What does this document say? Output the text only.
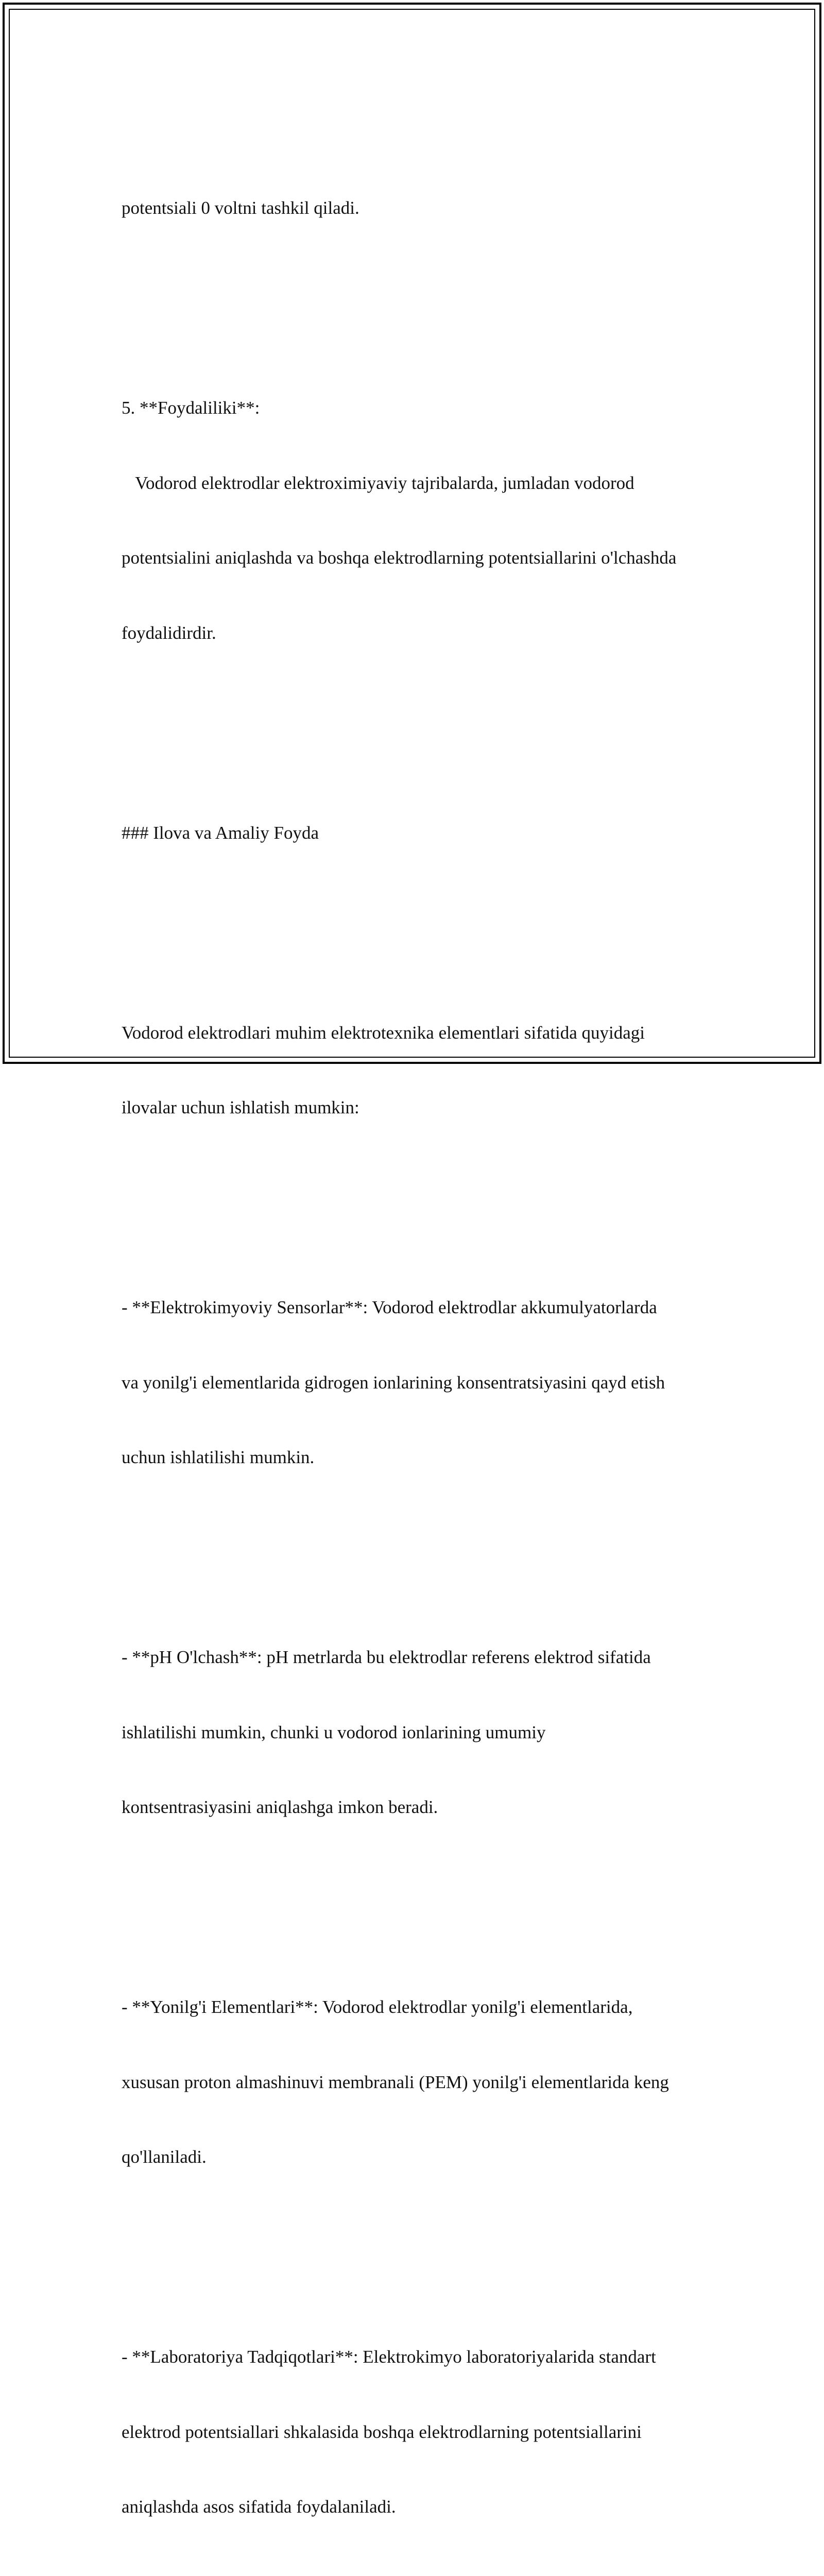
potentsiali 0 voltni tashkil qiladi.

5. **Foydaliliki**:

Vodorod elektrodlar elektroximiyaviy tajribalarda, jumladan vodorod

potentsialini aniqlashda va boshqa elektrodlarning potentsiallarini o'lchashda

foydalidirdir.

### Ilova va Amaliy Foyda

Vodorod elektrodlari muhim elektrotexnika elementlari sifatida quyidagi

ilovalar uchun ishlatish mumkin:

- **Elektrokimyoviy Sensorlar**: Vodorod elektrodlar akkumulyatorlarda

va yonilg'i elementlarida gidrogen ionlarining konsentratsiyasini qayd etish

uchun ishlatilishi mumkin.

- **pH O'lchash**: pH metrlarda bu elektrodlar referens elektrod sifatida

ishlatilishi mumkin, chunki u vodorod ionlarining umumiy

kontsentrasiyasini aniqlashga imkon beradi.

- **Yonilg'i Elementlari**: Vodorod elektrodlar yonilg'i elementlarida,

xususan proton almashinuvi membranali (PEM) yonilg'i elementlarida keng

qo'llaniladi.

- **Laboratoriya Tadqiqotlari**: Elektrokimyo laboratoriyalarida standart

elektrod potentsiallari shkalasida boshqa elektrodlarning potentsiallarini

aniqlashda asos sifatida foydalaniladi.
